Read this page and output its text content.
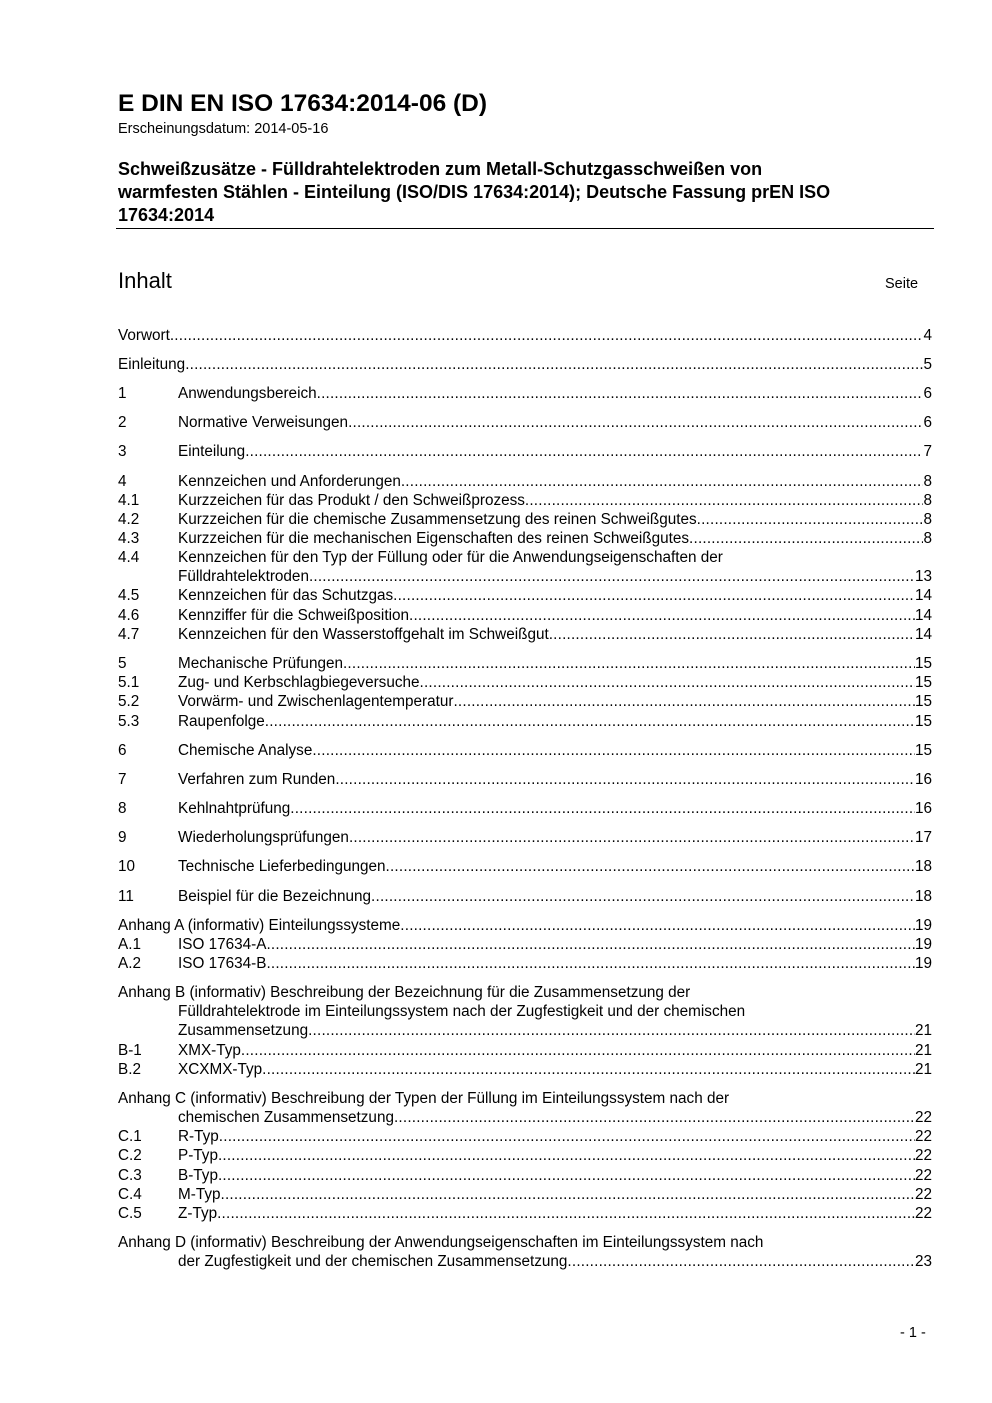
E DIN EN ISO 17634:2014-06 (D)
Erscheinungsdatum: 2014-05-16
Schweißzusätze - Fülldrahtelektroden zum Metall-Schutzgasschweißen von
warmfesten Stählen - Einteilung (ISO/DIS 17634:2014); Deutsche Fassung prEN ISO
17634:2014
Inhalt	Seite
Vorwort .....	4
Einleitung .....	5
1	Anwendungsbereich .....	6
2	Normative Verweisungen .....	6
3	Einteilung .....	7
4	Kennzeichen und Anforderungen .....	8
4.1	Kurzzeichen für das Produkt / den Schweißprozess .....	8
4.2	Kurzzeichen für die chemische Zusammensetzung des reinen Schweißgutes .....	8
4.3	Kurzzeichen für die mechanischen Eigenschaften des reinen Schweißgutes .....	8
4.4	Kennzeichen für den Typ der Füllung oder für die Anwendungseigenschaften der
Fülldrahtelektroden .....	13
4.5	Kennzeichen für das Schutzgas .....	14
4.6	Kennziffer für die Schweißposition .....	14
4.7	Kennzeichen für den Wasserstoffgehalt im Schweißgut .....	14
5	Mechanische Prüfungen .....	15
5.1	Zug- und Kerbschlagbiegeversuche .....	15
5.2	Vorwärm- und Zwischenlagentemperatur .....	15
5.3	Raupenfolge .....	15
6	Chemische Analyse .....	15
7	Verfahren zum Runden .....	16
8	Kehlnahtprüfung .....	16
9	Wiederholungsprüfungen .....	17
10	Technische Lieferbedingungen .....	18
11	Beispiel für die Bezeichnung .....	18
Anhang A (informativ) Einteilungssysteme .....	19
A.1	ISO 17634-A .....	19
A.2	ISO 17634-B .....	19
Anhang B (informativ) Beschreibung der Bezeichnung für die Zusammensetzung der
Fülldrahtelektrode im Einteilungssystem nach der Zugfestigkeit und der chemischen
Zusammensetzung .....	21
B-1	XMX-Typ .....	21
B.2	XCXMX-Typ .....	21
Anhang C (informativ) Beschreibung der Typen der Füllung im Einteilungssystem nach der
chemischen Zusammensetzung .....	22
C.1	R-Typ .....	22
C.2	P-Typ .....	22
C.3	B-Typ .....	22
C.4	M-Typ .....	22
C.5	Z-Typ .....	22
Anhang D (informativ) Beschreibung der Anwendungseigenschaften im Einteilungssystem nach
der Zugfestigkeit und der chemischen Zusammensetzung .....	23
- 1 -
